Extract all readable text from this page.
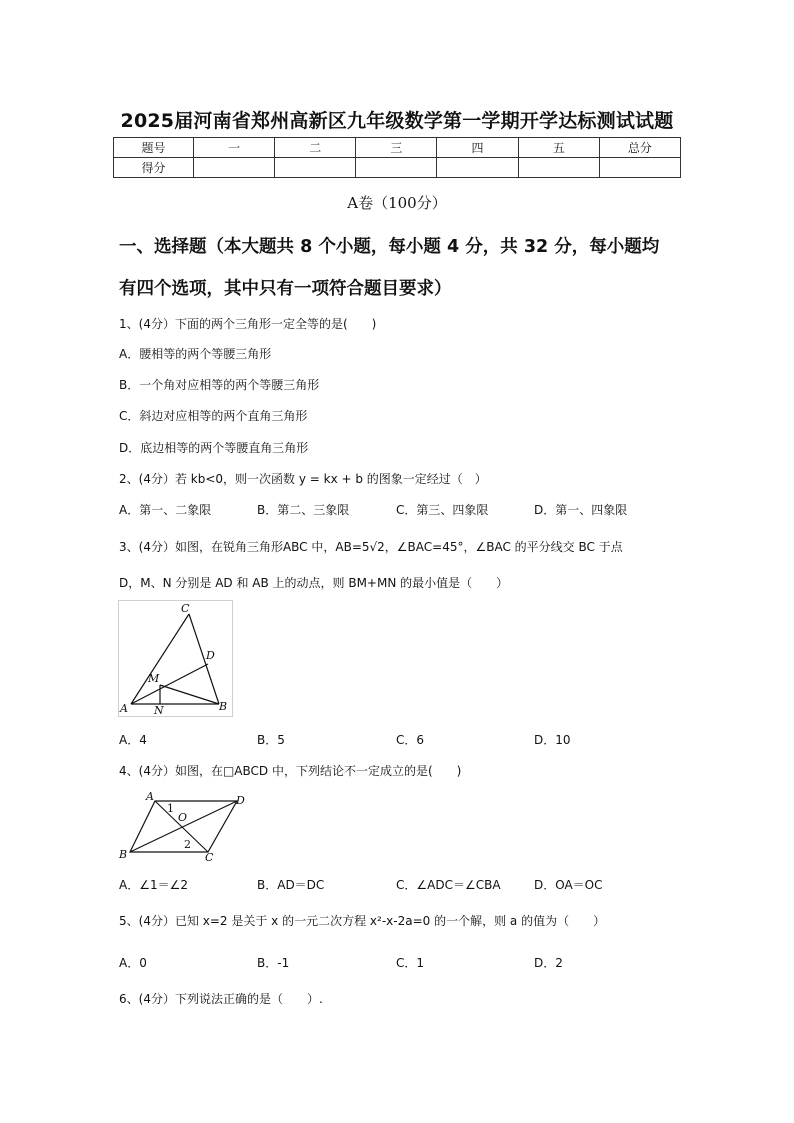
2025届河南省郑州高新区九年级数学第一学期开学达标测试试题
题号	一	二	三	四	五	总分
得分						
A卷（100分）
一、选择题（本大题共 8 个小题，每小题 4 分，共 32 分，每小题均
有四个选项，其中只有一项符合题目要求）
1、(4分）下面的两个三角形一定全等的是(　　)
A．腰相等的两个等腰三角形
B．一个角对应相等的两个等腰三角形
C．斜边对应相等的两个直角三角形
D．底边相等的两个等腰直角三角形
2、(4分）若 kb<0，则一次函数 y = kx + b 的图象一定经过（　）
A．第一、二象限	B．第二、三象限	C．第三、四象限	D．第一、四象限
3、(4分）如图，在锐角三角形ABC 中，AB=5√2，∠BAC=45°，∠BAC 的平分线交 BC 于点
D，M、N 分别是 AD 和 AB 上的动点，则 BM+MN 的最小值是（　　）
C
D
M
A N	B
A．4	B．5	C．6	D．10
4、(4分）如图，在□ABCD 中，下列结论不一定成立的是(　　)
A	D
B	C
O
1
2
A．∠1＝∠2	B．AD＝DC	C．∠ADC＝∠CBA	D．OA＝OC
5、(4分）已知 x=2 是关于 x 的一元二次方程 x²-x-2a=0 的一个解，则 a 的值为（　　）
A．0	B．-1	C．1	D．2
6、(4分）下列说法正确的是（　　）.
